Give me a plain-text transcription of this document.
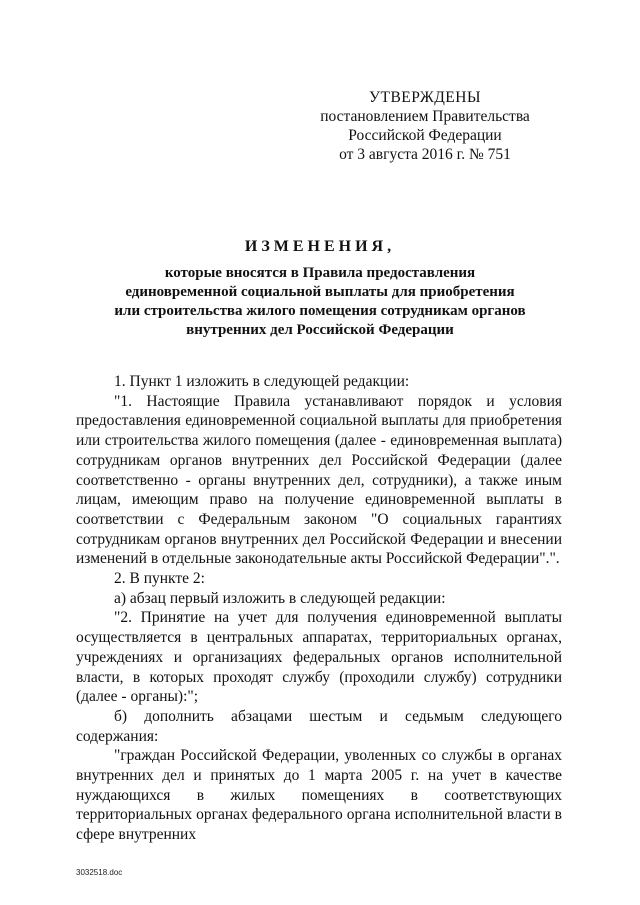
УТВЕРЖДЕНЫ
постановлением Правительства
Российской Федерации
от 3 августа 2016 г. № 751
ИЗМЕНЕНИЯ,
которые вносятся в Правила предоставления
единовременной социальной выплаты для приобретения
или строительства жилого помещения сотрудникам органов
внутренних дел Российской Федерации

1. Пункт 1 изложить в следующей редакции:

"1. Настоящие Правила устанавливают порядок и условия предоставления единовременной социальной выплаты для приобретения или строительства жилого помещения (далее - единовременная выплата) сотрудникам органов внутренних дел Российской Федерации (далее соответственно - органы внутренних дел, сотрудники), а также иным лицам, имеющим право на получение единовременной выплаты в соответствии с Федеральным законом "О социальных гарантиях сотрудникам органов внутренних дел Российской Федерации и внесении изменений в отдельные законодательные акты Российской Федерации".".

2. В пункте 2:

а) абзац первый изложить в следующей редакции:

"2. Принятие на учет для получения единовременной выплаты осуществляется в центральных аппаратах, территориальных органах, учреждениях и организациях федеральных органов исполнительной власти, в которых проходят службу (проходили службу) сотрудники (далее - органы):";

б) дополнить абзацами шестым и седьмым следующего содержания:

"граждан Российской Федерации, уволенных со службы в органах внутренних дел и принятых до 1 марта 2005 г. на учет в качестве нуждающихся в жилых помещениях в соответствующих территориальных органах федерального органа исполнительной власти в сфере внутренних

3032518.doc
